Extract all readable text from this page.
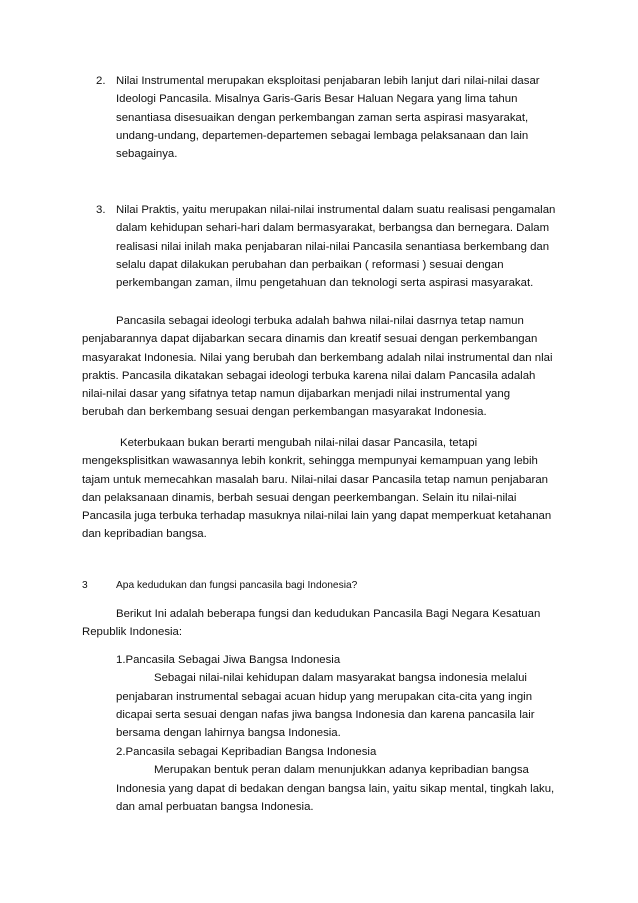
2. Nilai Instrumental merupakan eksploitasi penjabaran lebih lanjut dari nilai-nilai dasar Ideologi Pancasila. Misalnya Garis-Garis Besar Haluan Negara yang lima tahun senantiasa disesuaikan dengan perkembangan zaman serta aspirasi masyarakat, undang-undang, departemen-departemen sebagai lembaga pelaksanaan dan lain sebagainya.

3. Nilai Praktis, yaitu merupakan nilai-nilai instrumental dalam suatu realisasi pengamalan dalam kehidupan sehari-hari dalam bermasyarakat, berbangsa dan bernegara. Dalam realisasi nilai inilah maka penjabaran nilai-nilai Pancasila senantiasa berkembang dan selalu dapat dilakukan perubahan dan perbaikan ( reformasi ) sesuai dengan perkembangan zaman, ilmu pengetahuan dan teknologi serta aspirasi masyarakat.

Pancasila sebagai ideologi terbuka adalah bahwa nilai-nilai dasrnya tetap namun penjabarannya dapat dijabarkan secara dinamis dan kreatif sesuai dengan perkembangan masyarakat Indonesia. Nilai yang berubah dan berkembang adalah nilai instrumental dan nlai praktis. Pancasila dikatakan sebagai ideologi terbuka karena nilai dalam Pancasila adalah nilai-nilai dasar yang sifatnya tetap namun dijabarkan menjadi nilai instrumental yang berubah dan berkembang sesuai dengan perkembangan masyarakat Indonesia.

Keterbukaan bukan berarti mengubah nilai-nilai dasar Pancasila, tetapi mengeksplisitkan wawasannya lebih konkrit, sehingga mempunyai kemampuan yang lebih tajam untuk memecahkan masalah baru. Nilai-nilai dasar Pancasila tetap namun penjabaran dan pelaksanaan dinamis, berbah sesuai dengan peerkembangan. Selain itu nilai-nilai Pancasila juga terbuka terhadap masuknya nilai-nilai lain yang dapat memperkuat ketahanan dan kepribadian bangsa.

3	Apa kedudukan dan fungsi pancasila bagi Indonesia?

Berikut Ini adalah beberapa fungsi dan kedudukan Pancasila Bagi Negara Kesatuan Republik Indonesia:

1.Pancasila Sebagai Jiwa Bangsa Indonesia
Sebagai nilai-nilai kehidupan dalam masyarakat bangsa indonesia melalui
penjabaran instrumental sebagai acuan hidup yang merupakan cita-cita yang ingin dicapai serta sesuai dengan nafas jiwa bangsa Indonesia dan karena pancasila lair bersama dengan lahirnya bangsa Indonesia.
2.Pancasila sebagai Kepribadian Bangsa Indonesia
Merupakan bentuk peran dalam menunjukkan adanya kepribadian bangsa
Indonesia yang dapat di bedakan dengan bangsa lain, yaitu sikap mental, tingkah laku, dan amal perbuatan bangsa Indonesia.
